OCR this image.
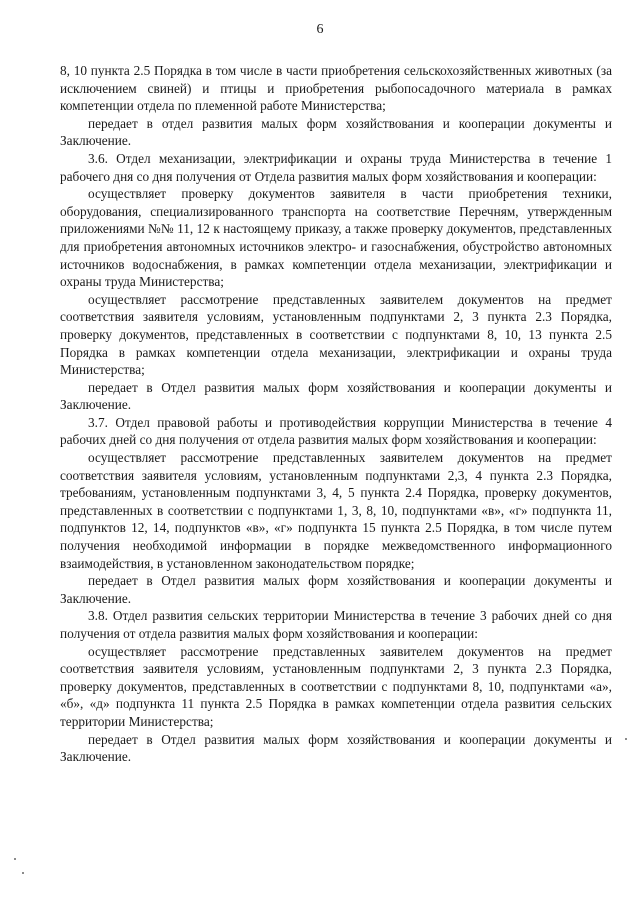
6

8, 10 пункта 2.5 Порядка в том числе в части приобретения сельскохозяйственных животных (за исключением свиней) и птицы и приобретения рыбопосадочного материала в рамках компетенции отдела по племенной работе Министерства;

передает в отдел развития малых форм хозяйствования и кооперации документы и Заключение.

3.6. Отдел механизации, электрификации и охраны труда Министерства в течение 1 рабочего дня со дня получения от Отдела развития малых форм хозяйствования и кооперации:

осуществляет проверку документов заявителя в части приобретения техники, оборудования, специализированного транспорта на соответствие Перечням, утвержденным приложениями №№ 11, 12 к настоящему приказу, а также проверку документов, представленных для приобретения автономных источников электро- и газоснабжения, обустройство автономных источников водоснабжения, в рамках компетенции отдела механизации, электрификации и охраны труда Министерства;

осуществляет рассмотрение представленных заявителем документов на предмет соответствия заявителя условиям, установленным подпунктами 2, 3 пункта 2.3 Порядка, проверку документов, представленных в соответствии с подпунктами 8, 10, 13 пункта 2.5 Порядка в рамках компетенции отдела механизации, электрификации и охраны труда Министерства;

передает в Отдел развития малых форм хозяйствования и кооперации документы и Заключение.

3.7. Отдел правовой работы и противодействия коррупции Министерства в течение 4 рабочих дней со дня получения от отдела развития малых форм хозяйствования и кооперации:

осуществляет рассмотрение представленных заявителем документов на предмет соответствия заявителя условиям, установленным подпунктами 2,3, 4 пункта 2.3 Порядка, требованиям, установленным подпунктами 3, 4, 5 пункта 2.4 Порядка, проверку документов, представленных в соответствии с подпунктами 1, 3, 8, 10, подпунктами «в», «г» подпункта 11, подпунктов 12, 14, подпунктов «в», «г» подпункта 15 пункта 2.5 Порядка, в том числе путем получения необходимой информации в порядке межведомственного информационного взаимодействия, в установленном законодательством порядке;

передает в Отдел развития малых форм хозяйствования и кооперации документы и Заключение.

3.8. Отдел развития сельских территории Министерства в течение 3 рабочих дней со дня получения от отдела развития малых форм хозяйствования и кооперации:

осуществляет рассмотрение представленных заявителем документов на предмет соответствия заявителя условиям, установленным подпунктами 2, 3 пункта 2.3 Порядка, проверку документов, представленных в соответствии с подпунктами 8, 10, подпунктами «а», «б», «д» подпункта 11 пункта 2.5 Порядка в рамках компетенции отдела развития сельских территории Министерства;

передает в Отдел развития малых форм хозяйствования и кооперации документы и Заключение.
